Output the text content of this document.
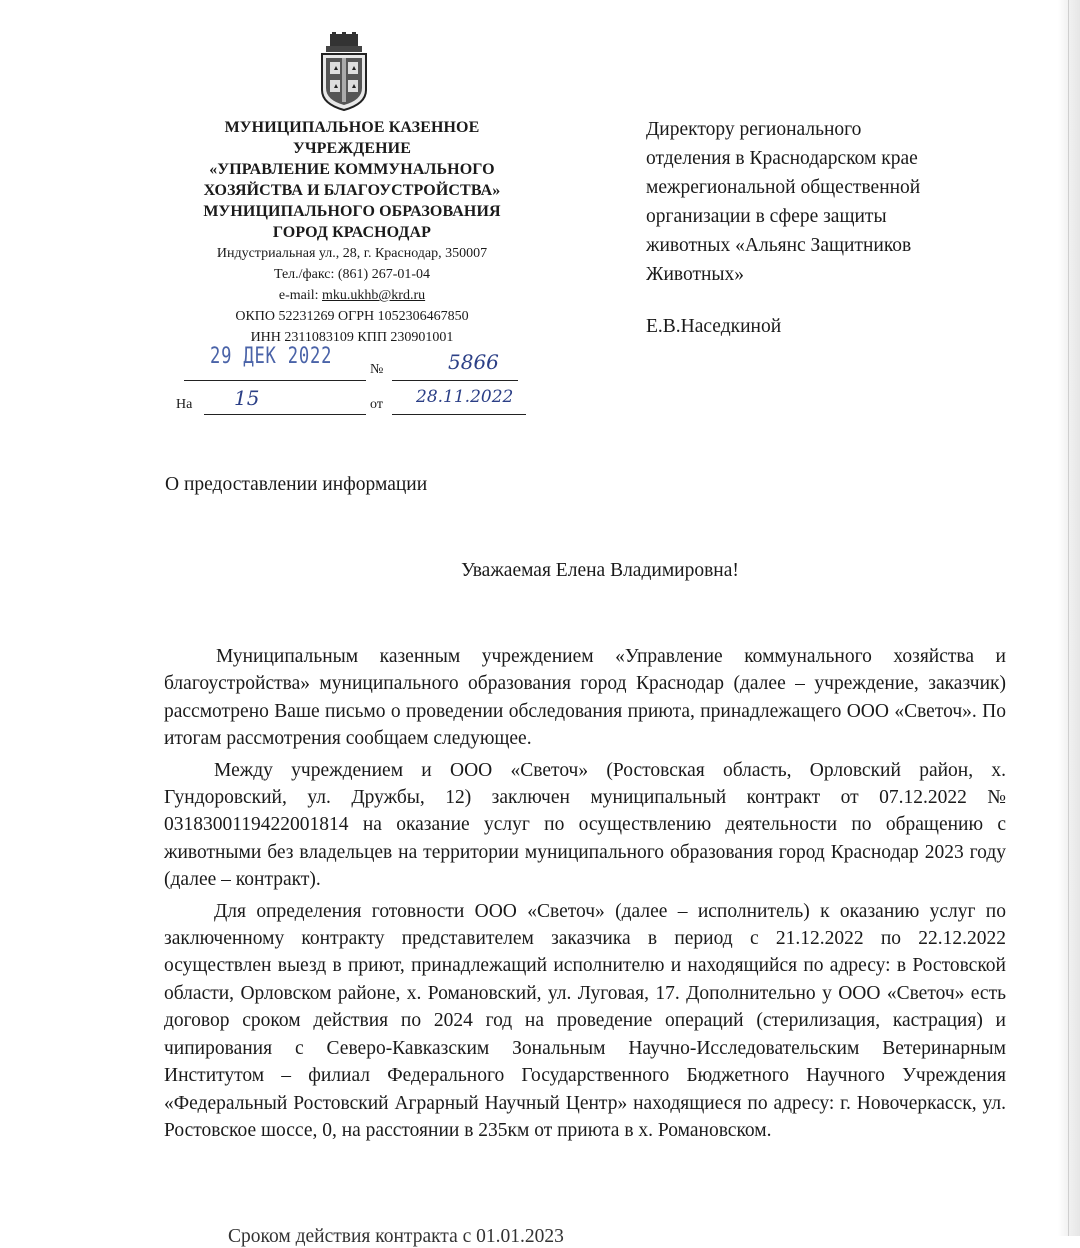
МУНИЦИПАЛЬНОЕ КАЗЕННОЕ
УЧРЕЖДЕНИЕ
«УПРАВЛЕНИЕ КОММУНАЛЬНОГО
ХОЗЯЙСТВА И БЛАГОУСТРОЙСТВА»
МУНИЦИПАЛЬНОГО ОБРАЗОВАНИЯ
ГОРОД КРАСНОДАР
Индустриальная ул., 28, г. Краснодар, 350007
Тел./факс: (861) 267-01-04
e-mail: mku.ukhb@krd.ru
ОКПО 52231269 ОГРН 1052306467850
ИНН 2311083109 КПП 230901001
29 ДЕК 2022
№	5866
На 15	от 28.11.2022
Директору регионального
отделения в Краснодарском крае
межрегиональной общественной
организации в сфере защиты
животных «Альянс Защитников
Животных»
Е.В.Наседкиной
О предоставлении информации
Уважаемая Елена Владимировна!

Муниципальным казенным учреждением «Управление коммунального хозяйства и благоустройства» муниципального образования город Краснодар (далее – учреждение, заказчик) рассмотрено Ваше письмо о проведении обследования приюта, принадлежащего ООО «Светоч». По итогам рассмотрения сообщаем следующее.

Между учреждением и ООО «Светоч» (Ростовская область, Орловский район, х. Гундоровский, ул. Дружбы, 12) заключен муниципальный контракт от 07.12.2022 № 0318300119422001814 на оказание услуг по осуществлению деятельности по обращению с животными без владельцев на территории муниципального образования город Краснодар 2023 году (далее – контракт).

Для определения готовности ООО «Светоч» (далее – исполнитель) к оказанию услуг по заключенному контракту представителем заказчика в период с 21.12.2022 по 22.12.2022 осуществлен выезд в приют, принадлежащий исполнителю и находящийся по адресу: в Ростовской области, Орловском районе, х. Романовский, ул. Луговая, 17. Дополнительно у ООО «Светоч» есть договор сроком действия по 2024 год на проведение операций (стерилизация, кастрация) и чипирования с Северо-Кавказским Зональным Научно-Исследовательским Ветеринарным Институтом – филиал Федерального Государственного Бюджетного Научного Учреждения «Федеральный Ростовский Аграрный Научный Центр» находящиеся по адресу: г. Новочеркасск, ул. Ростовское шоссе, 0, на расстоянии в 235км от приюта в х. Романовском.

Сроком действия контракта с 01.01.2023
